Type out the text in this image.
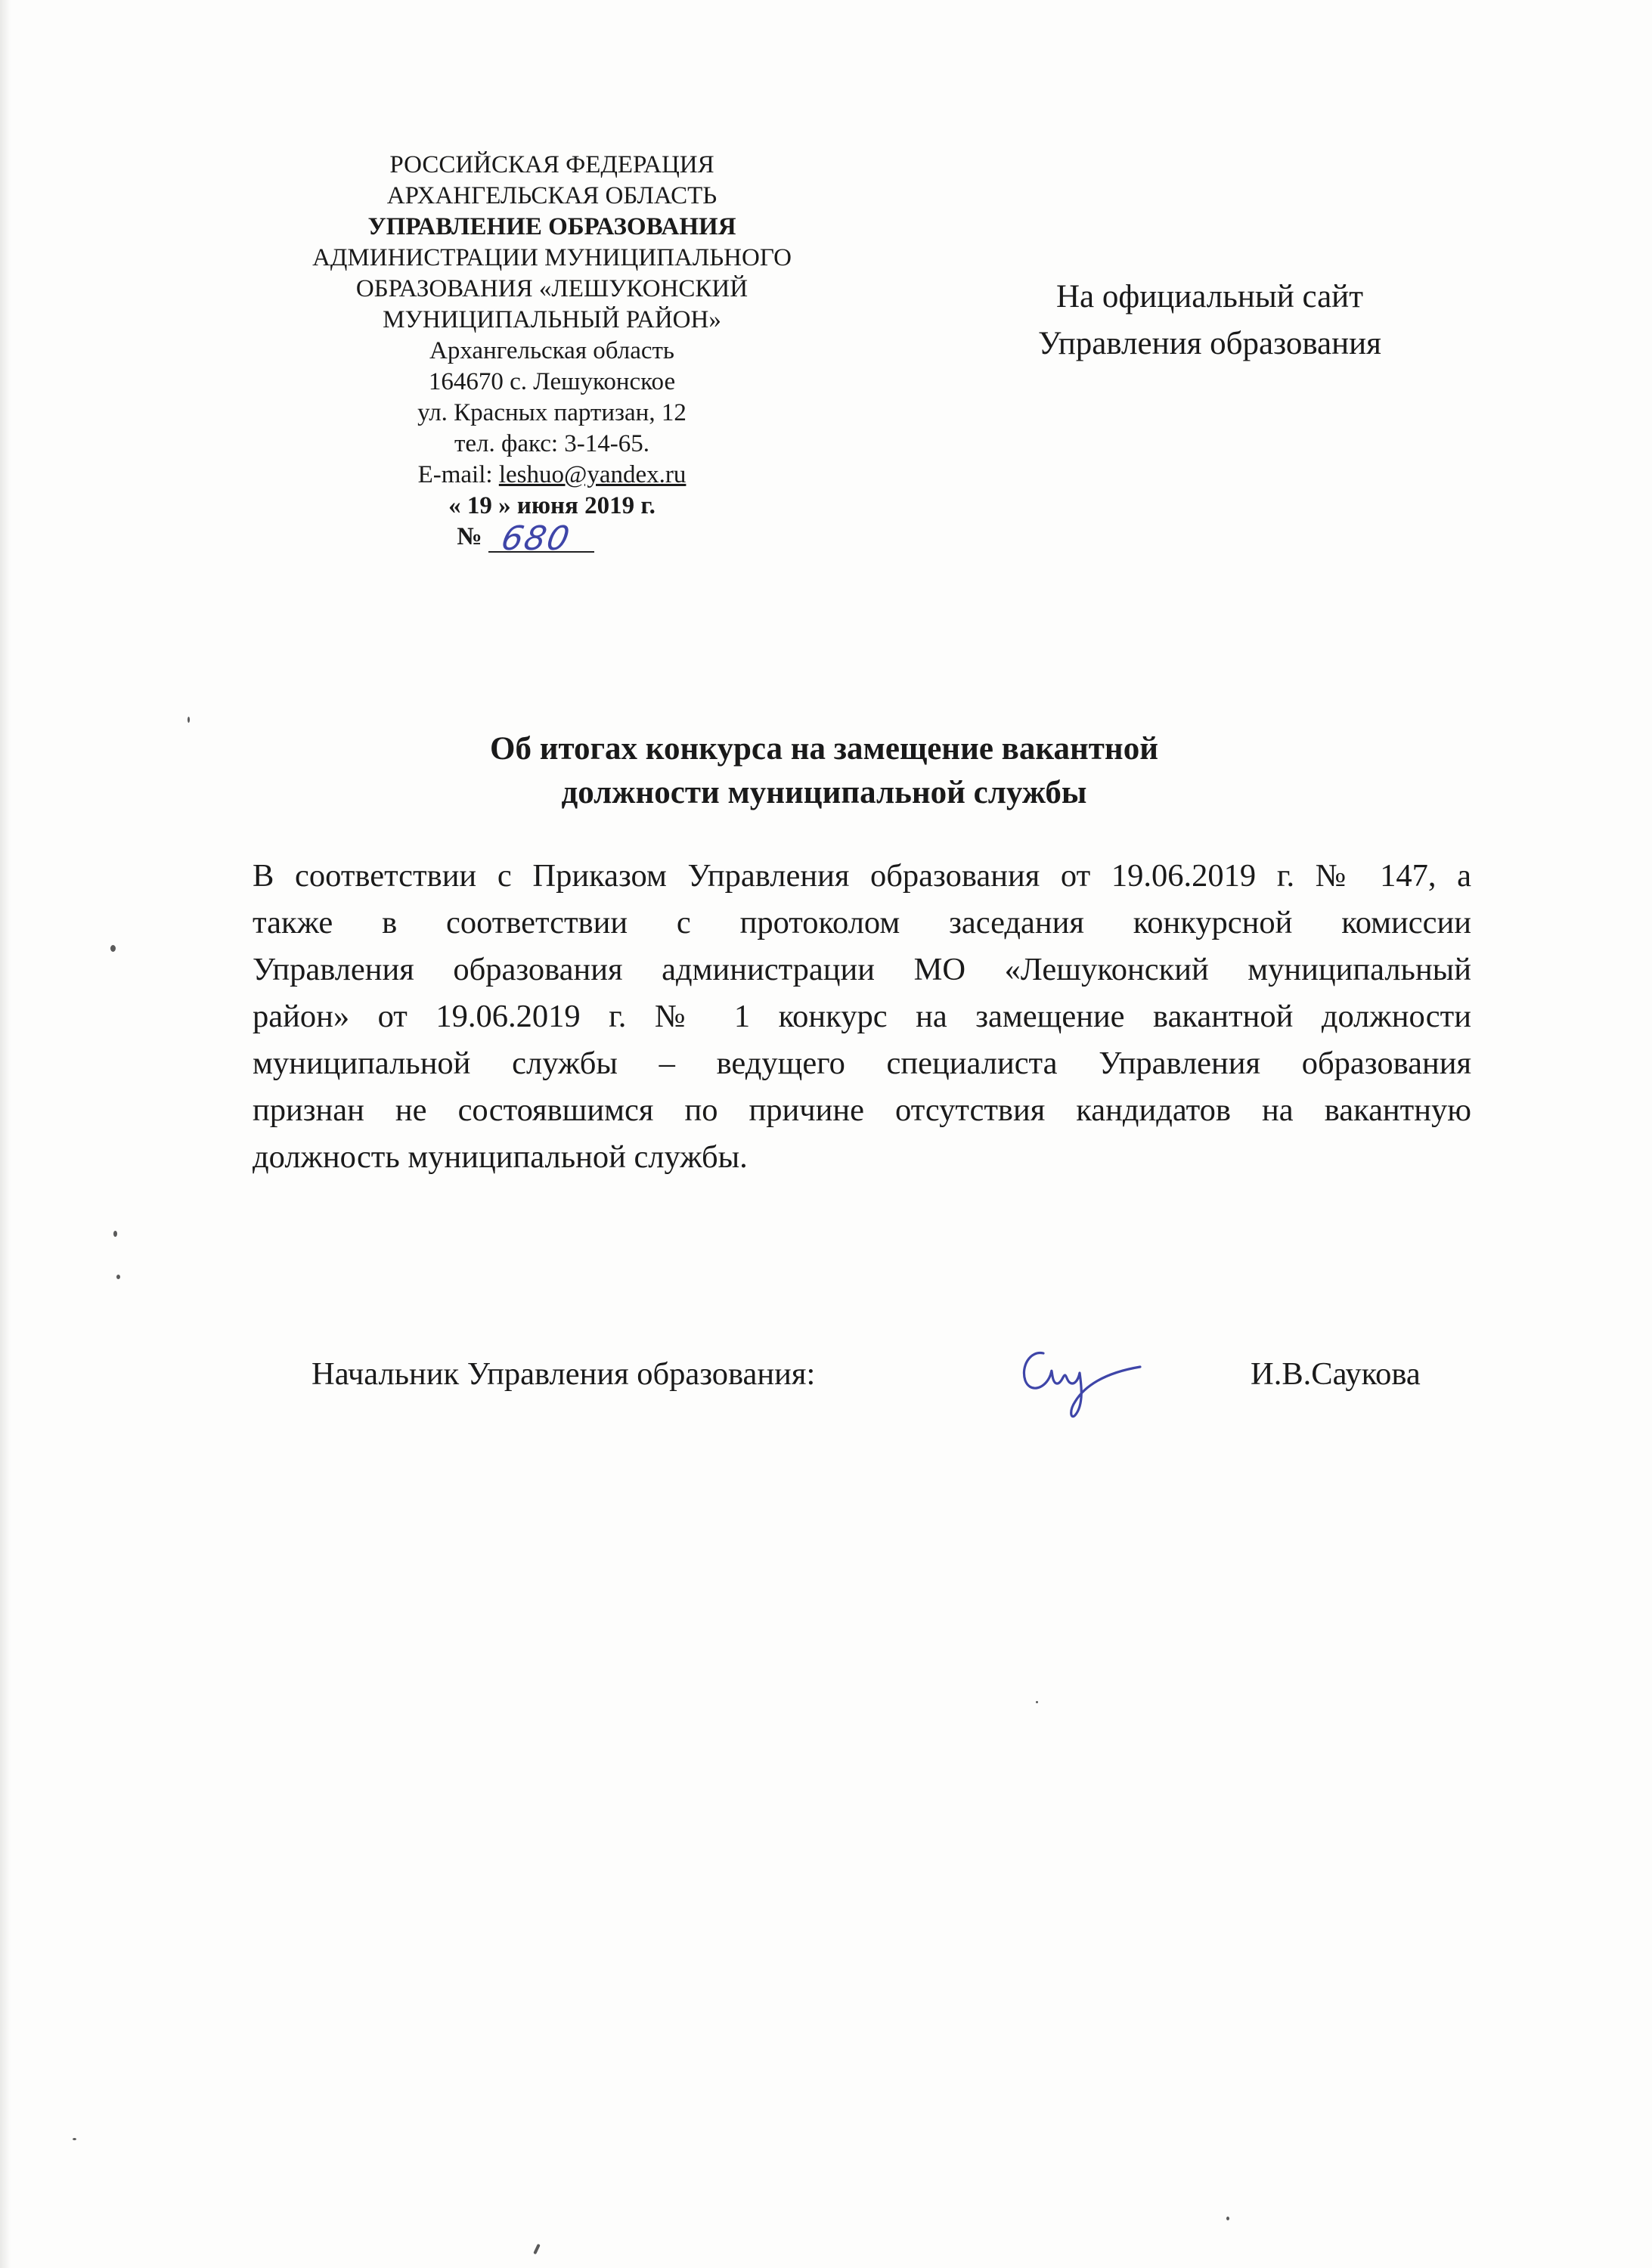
РОССИЙСКАЯ ФЕДЕРАЦИЯ
АРХАНГЕЛЬСКАЯ ОБЛАСТЬ
УПРАВЛЕНИЕ ОБРАЗОВАНИЯ
АДМИНИСТРАЦИИ МУНИЦИПАЛЬНОГО
ОБРАЗОВАНИЯ «ЛЕШУКОНСКИЙ
МУНИЦИПАЛЬНЫЙ РАЙОН»
Архангельская область
164670 с. Лешуконское
ул. Красных партизан, 12
тел. факс: 3-14-65.
E-mail: leshuo@yandex.ru
« 19 » июня 2019 г.
№ 680
На официальный сайт
Управления образования
Об итогах конкурса на замещение вакантной
должности муниципальной службы
В соответствии с Приказом Управления образования от 19.06.2019 г. № 147, а
также в соответствии с протоколом заседания конкурсной комиссии
Управления образования администрации МО «Лешуконский муниципальный
район» от 19.06.2019 г. № 1 конкурс на замещение вакантной должности
муниципальной службы – ведущего специалиста Управления образования
признан не состоявшимся по причине отсутствия кандидатов на вакантную
должность муниципальной службы.
Начальник Управления образования:	И.В.Саукова
